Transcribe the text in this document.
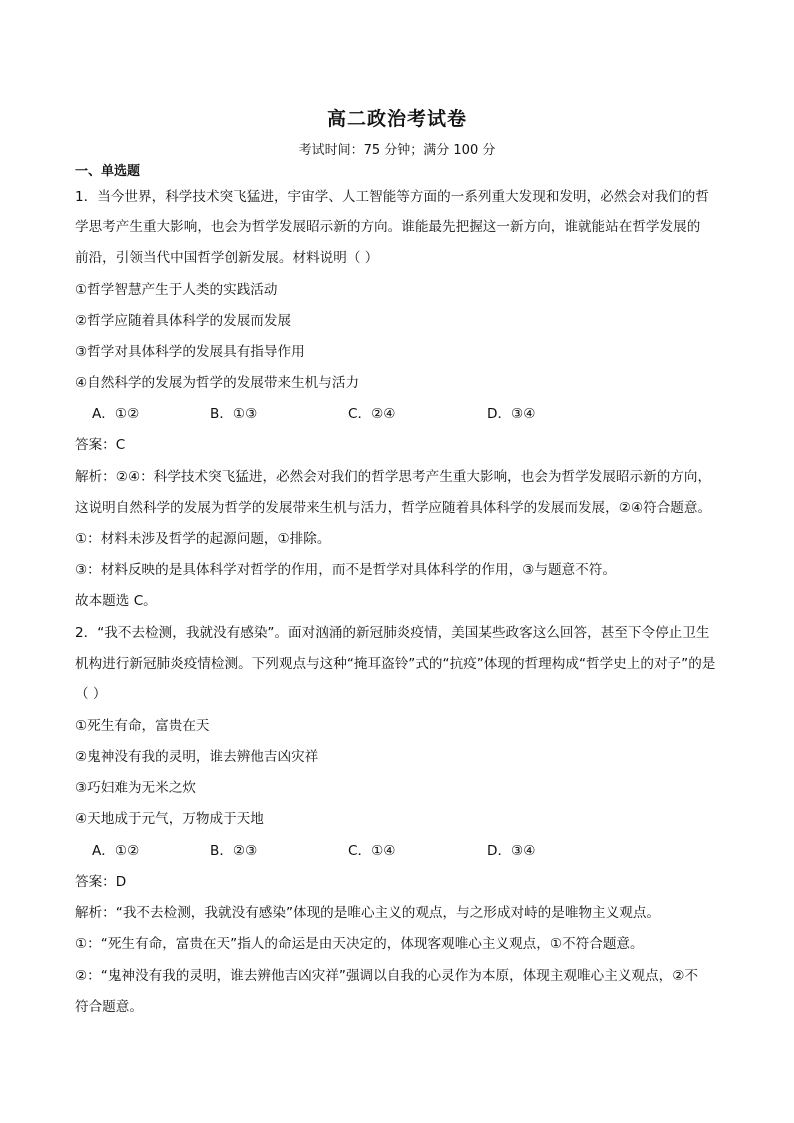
高二政治考试卷
考试时间：75 分钟；满分 100 分
一、单选题
1．当今世界，科学技术突飞猛进，宇宙学、人工智能等方面的一系列重大发现和发明，必然会对我们的哲
学思考产生重大影响，也会为哲学发展昭示新的方向。谁能最先把握这一新方向，谁就能站在哲学发展的
前沿，引领当代中国哲学创新发展。材料说明（ ）
①哲学智慧产生于人类的实践活动
②哲学应随着具体科学的发展而发展
③哲学对具体科学的发展具有指导作用
④自然科学的发展为哲学的发展带来生机与活力
A．①②	B．①③	C．②④	D．③④
答案：C
解析：②④：科学技术突飞猛进，必然会对我们的哲学思考产生重大影响，也会为哲学发展昭示新的方向，
这说明自然科学的发展为哲学的发展带来生机与活力，哲学应随着具体科学的发展而发展，②④符合题意。
①：材料未涉及哲学的起源问题，①排除。
③：材料反映的是具体科学对哲学的作用，而不是哲学对具体科学的作用，③与题意不符。
故本题选 C。
2．“我不去检测，我就没有感染”。面对汹涌的新冠肺炎疫情，美国某些政客这么回答，甚至下令停止卫生
机构进行新冠肺炎疫情检测。下列观点与这种“掩耳盗铃”式的“抗疫”体现的哲理构成“哲学史上的对子”的是
（ ）
①死生有命，富贵在天
②鬼神没有我的灵明，谁去辨他吉凶灾祥
③巧妇难为无米之炊
④天地成于元气，万物成于天地
A．①②	B．②③	C．①④	D．③④
答案：D
解析：“我不去检测，我就没有感染”体现的是唯心主义的观点，与之形成对峙的是唯物主义观点。
①：“死生有命，富贵在天”指人的命运是由天决定的，体现客观唯心主义观点，①不符合题意。
②：“鬼神没有我的灵明，谁去辨他吉凶灾祥”强调以自我的心灵作为本原，体现主观唯心主义观点，②不
符合题意。
